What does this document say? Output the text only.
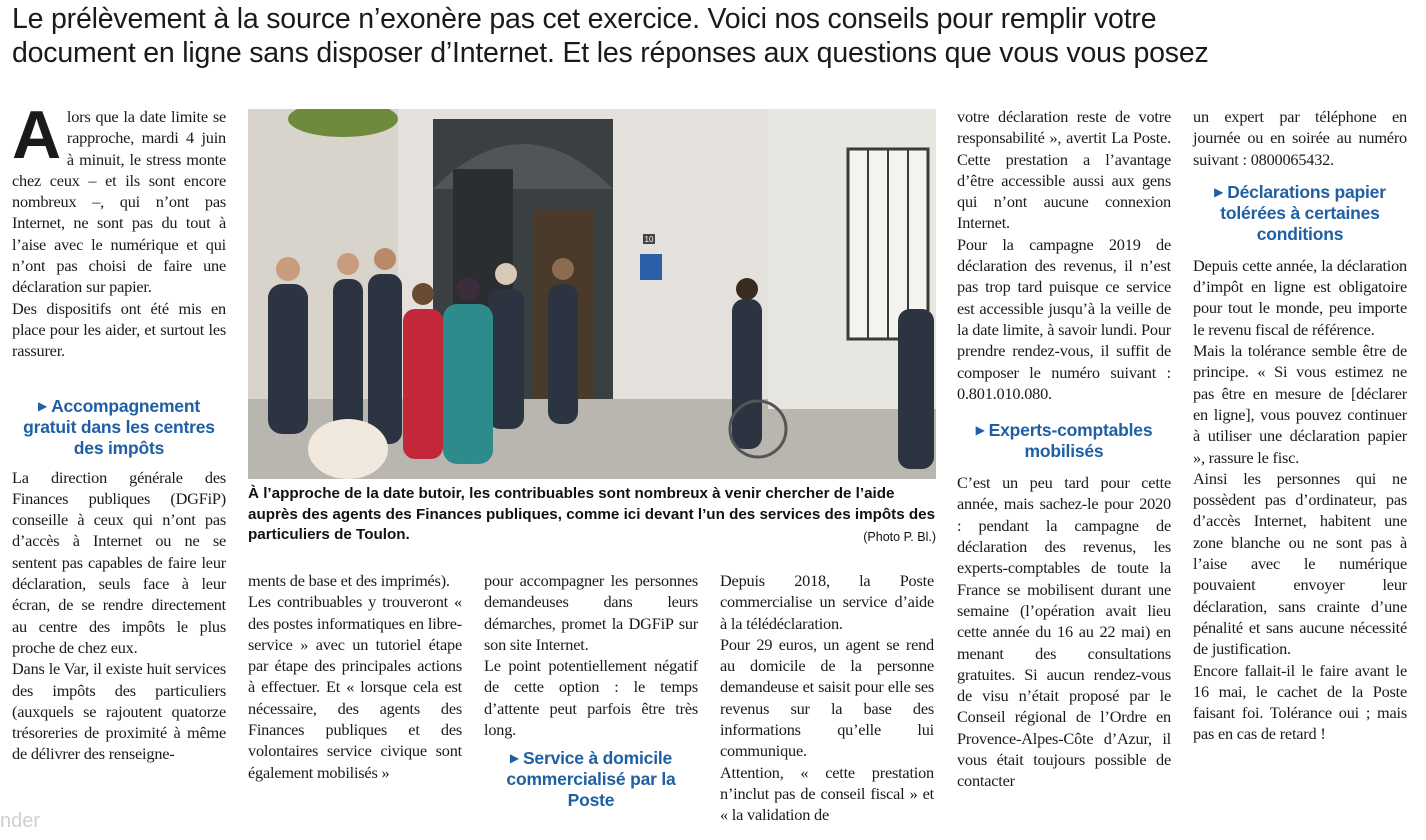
Le prélèvement à la source n’exonère pas cet exercice. Voici nos conseils pour remplir votre
document en ligne sans disposer d’Internet. Et les réponses aux questions que vous vous posez
A lors que la date limite se rapproche, mardi 4 juin à minuit, le stress monte chez ceux – et ils sont encore nombreux –, qui n’ont pas Internet, ne sont pas du tout à l’aise avec le numérique et qui n’ont pas choisi de faire une déclaration sur papier.

Des dispositifs ont été mis en place pour les aider, et surtout les rassurer.

▶ Accompagnement gratuit dans les centres des impôts

La direction générale des Finances publiques (DGFiP) conseille à ceux qui n’ont pas d’accès à Internet ou ne se sentent pas capables de faire leur déclaration, seuls face à leur écran, de se rendre directement au centre des impôts le plus proche de chez eux.

Dans le Var, il existe huit services des impôts des particuliers (auxquels se rajoutent quatorze trésoreries de proximité à même de délivrer des renseigne-

10
À l’approche de la date butoir, les contribuables sont nombreux à venir chercher de l’aide auprès des agents des Finances publiques, comme ici devant l’un des services des impôts des particuliers de Toulon.	(Photo P. Bl.)

ments de base et des imprimés).

Les contribuables y trouveront « des postes informatiques en libre-service » avec un tutoriel étape par étape des principales actions à effectuer. Et « lorsque cela est nécessaire, des agents des Finances publiques et des volontaires service civique sont également mobilisés »

pour accompagner les personnes demandeuses dans leurs démarches, promet la DGFiP sur son site Internet.

Le point potentiellement négatif de cette option : le temps d’attente peut parfois être très long.

▶ Service à domicile commercialisé par la Poste

Depuis 2018, la Poste commercialise un service d’aide à la télédéclaration.

Pour 29 euros, un agent se rend au domicile de la personne demandeuse et saisit pour elle ses revenus sur la base des informations qu’elle lui communique.

Attention, « cette prestation n’inclut pas de conseil fiscal » et « la validation de

votre déclaration reste de votre responsabilité », avertit La Poste. Cette prestation a l’avantage d’être accessible aussi aux gens qui n’ont aucune connexion Internet.

Pour la campagne 2019 de déclaration des revenus, il n’est pas trop tard puisque ce service est accessible jusqu’à la veille de la date limite, à savoir lundi. Pour prendre rendez-vous, il suffit de composer le numéro suivant : 0.801.010.080.

▶ Experts-comptables mobilisés

C’est un peu tard pour cette année, mais sachez-le pour 2020 : pendant la campagne de déclaration des revenus, les experts-comptables de toute la France se mobilisent durant une semaine (l’opération avait lieu cette année du 16 au 22 mai) en menant des consultations gratuites. Si aucun rendez-vous de visu n’était proposé par le Conseil régional de l’Ordre en Provence-Alpes-Côte d’Azur, il vous était toujours possible de contacter

un expert par téléphone en journée ou en soirée au numéro suivant : 0800065432.

▶ Déclarations papier tolérées à certaines conditions

Depuis cette année, la déclaration d’impôt en ligne est obligatoire pour tout le monde, peu importe le revenu fiscal de référence.

Mais la tolérance semble être de principe. « Si vous estimez ne pas être en mesure de [déclarer en ligne], vous pouvez continuer à utiliser une déclaration papier », rassure le fisc.

Ainsi les personnes qui ne possèdent pas d’ordinateur, pas d’accès Internet, habitent une zone blanche ou ne sont pas à l’aise avec le numérique pouvaient envoyer leur déclaration, sans crainte d’une pénalité et sans aucune nécessité de justification.

Encore fallait-il le faire avant le 16 mai, le cachet de la Poste faisant foi. Tolérance oui ; mais pas en cas de retard !

nder
